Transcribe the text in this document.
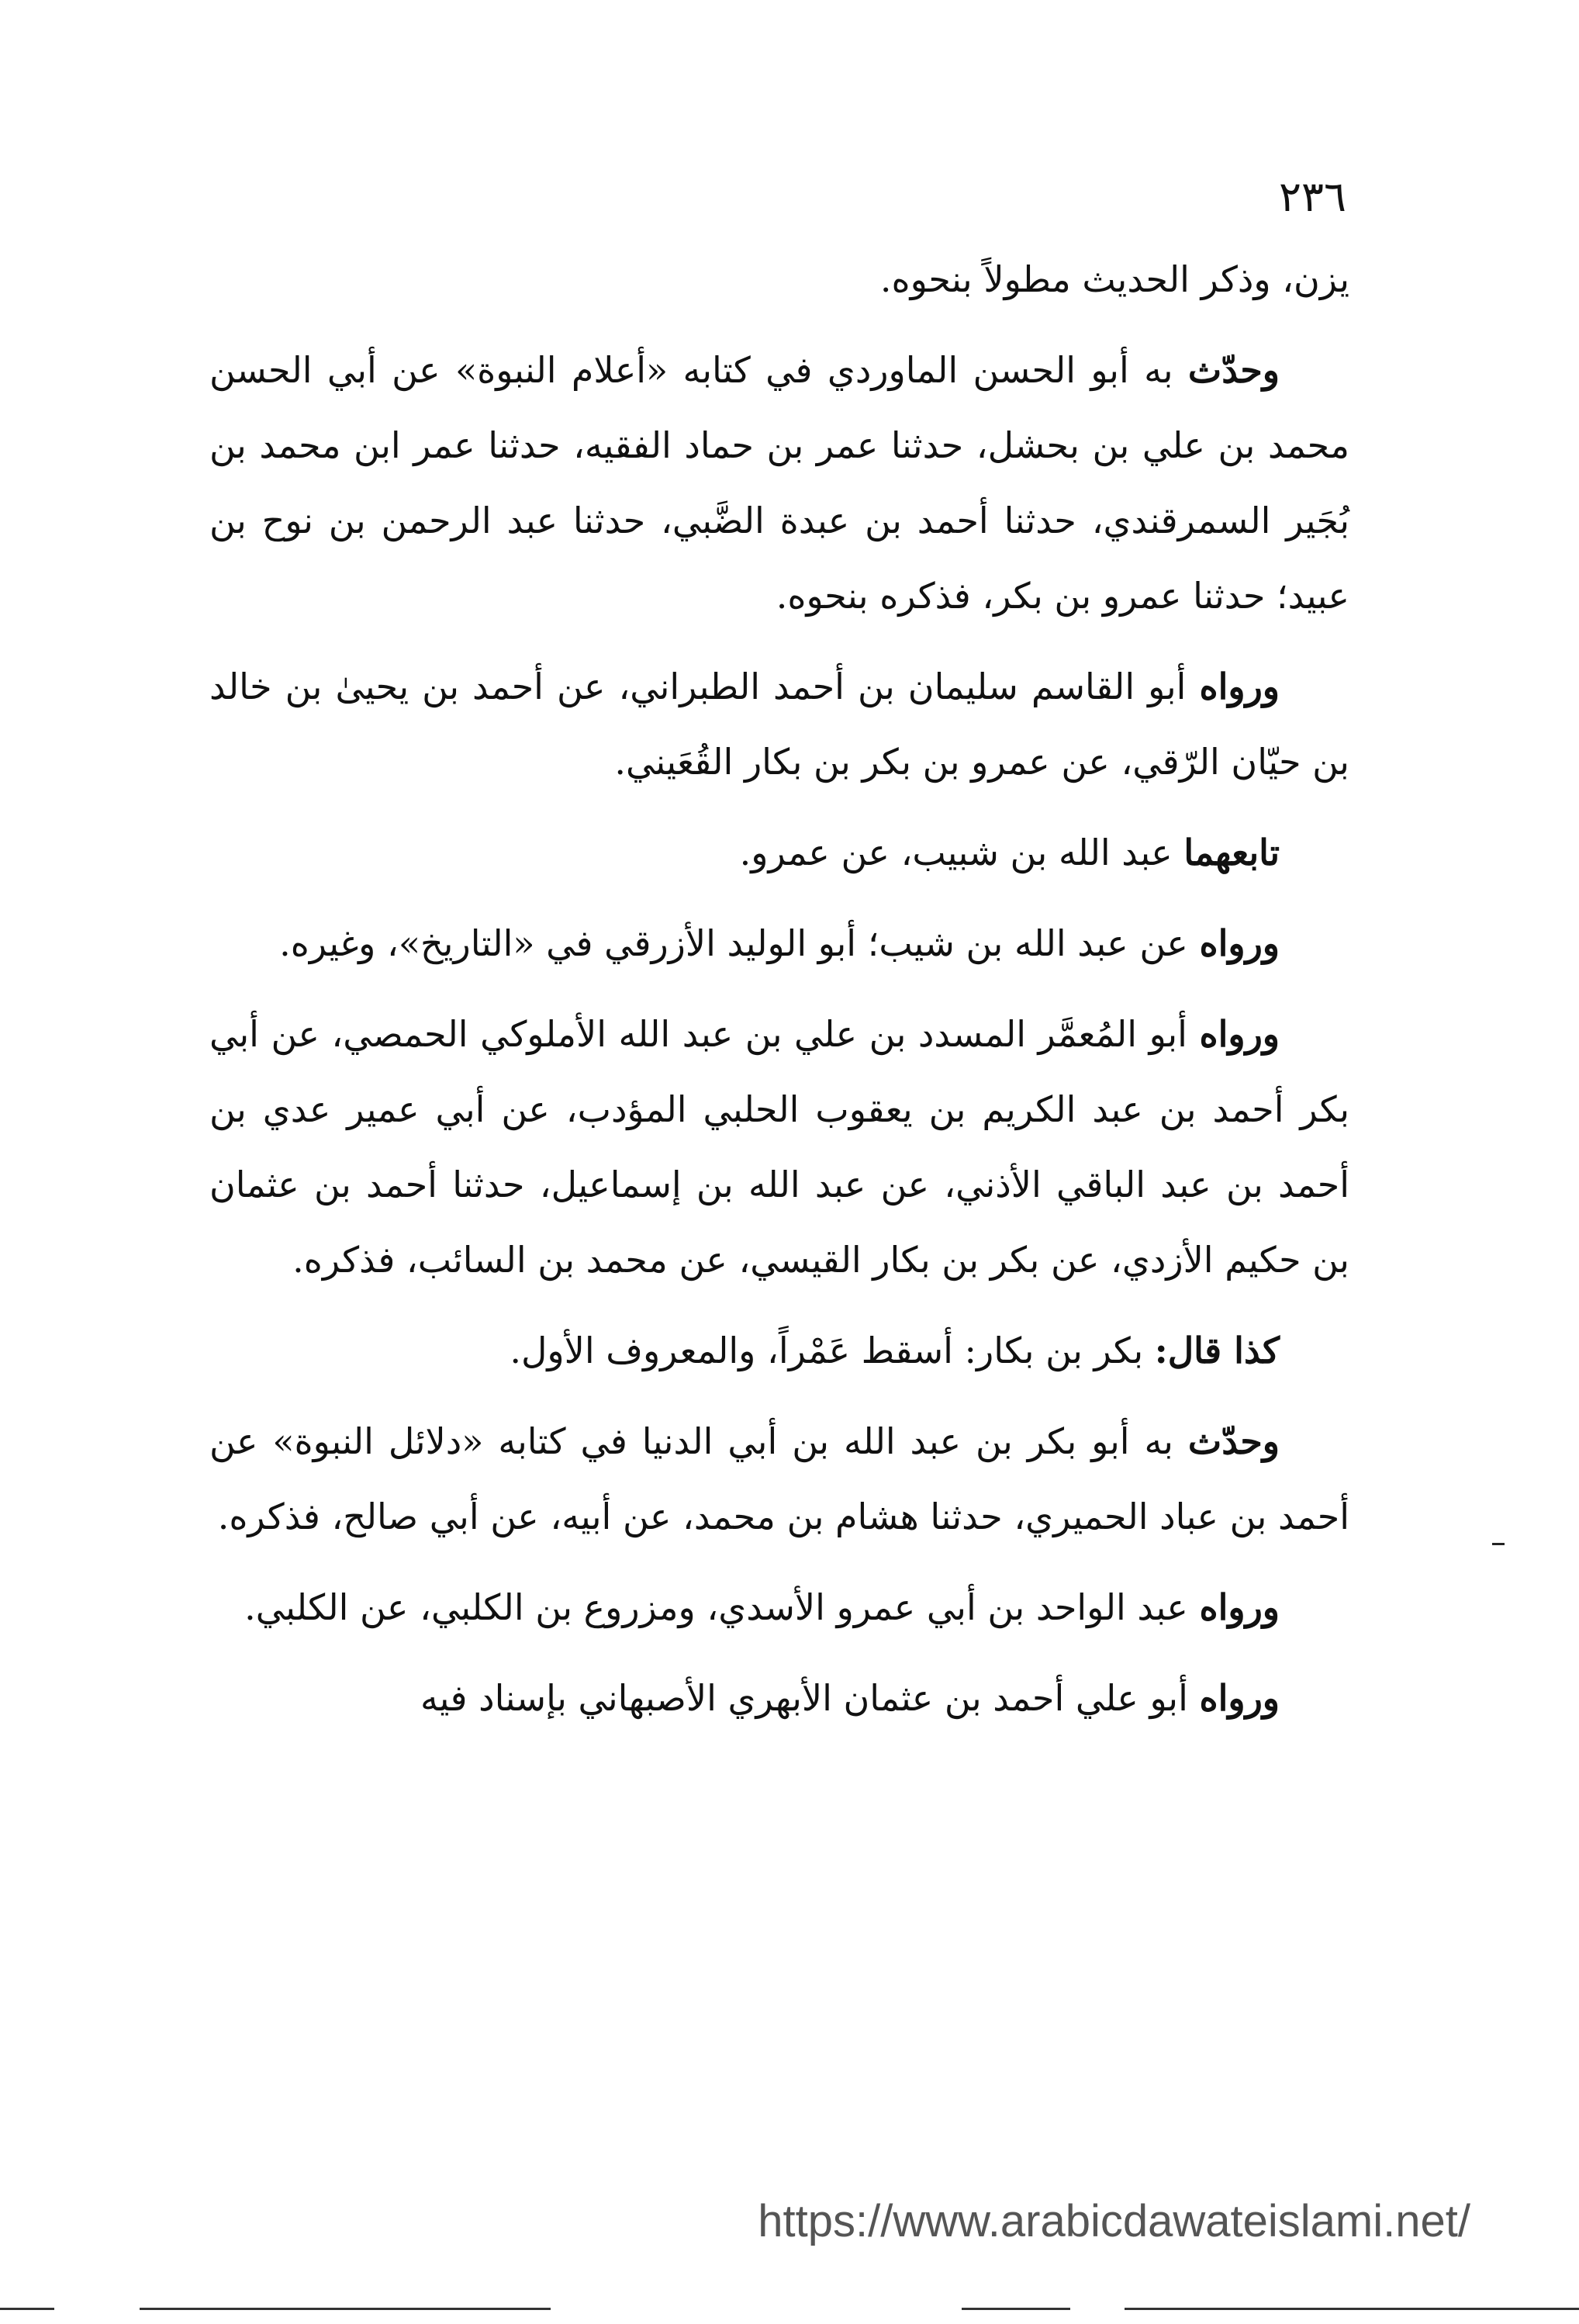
٢٣٦

يزن، وذكر الحديث مطولاً بنحوه.

وحدّث به أبو الحسن الماوردي في كتابه «أعلام النبوة» عن أبي الحسن محمد بن علي بن بحشل، حدثنا عمر بن حماد الفقيه، حدثنا عمر ابن محمد بن بُجَير السمرقندي، حدثنا أحمد بن عبدة الضَّبي، حدثنا عبد الرحمن بن نوح بن عبيد؛ حدثنا عمرو بن بكر، فذكره بنحوه.

ورواه أبو القاسم سليمان بن أحمد الطبراني، عن أحمد بن يحيىٰ بن خالد بن حيّان الرّقي، عن عمرو بن بكر بن بكار القُعَيني.

تابعهما عبد الله بن شبيب، عن عمرو.

ورواه عن عبد الله بن شيب؛ أبو الوليد الأزرقي في «التاريخ»، وغيره.

ورواه أبو المُعمَّر المسدد بن علي بن عبد الله الأملوكي الحمصي، عن أبي بكر أحمد بن عبد الكريم بن يعقوب الحلبي المؤدب، عن أبي عمير عدي بن أحمد بن عبد الباقي الأذني، عن عبد الله بن إسماعيل، حدثنا أحمد بن عثمان بن حكيم الأزدي، عن بكر بن بكار القيسي، عن محمد بن السائب، فذكره.

كذا قال: بكر بن بكار: أسقط عَمْراً، والمعروف الأول.

وحدّث به أبو بكر بن عبد الله بن أبي الدنيا في كتابه «دلائل النبوة» عن أحمد بن عباد الحميري، حدثنا هشام بن محمد، عن أبيه، عن أبي صالح، فذكره.

ورواه عبد الواحد بن أبي عمرو الأسدي، ومزروع بن الكلبي، عن الكلبي.

ورواه أبو علي أحمد بن عثمان الأبهري الأصبهاني بإسناد فيه

https://www.arabicdawateislami.net/
